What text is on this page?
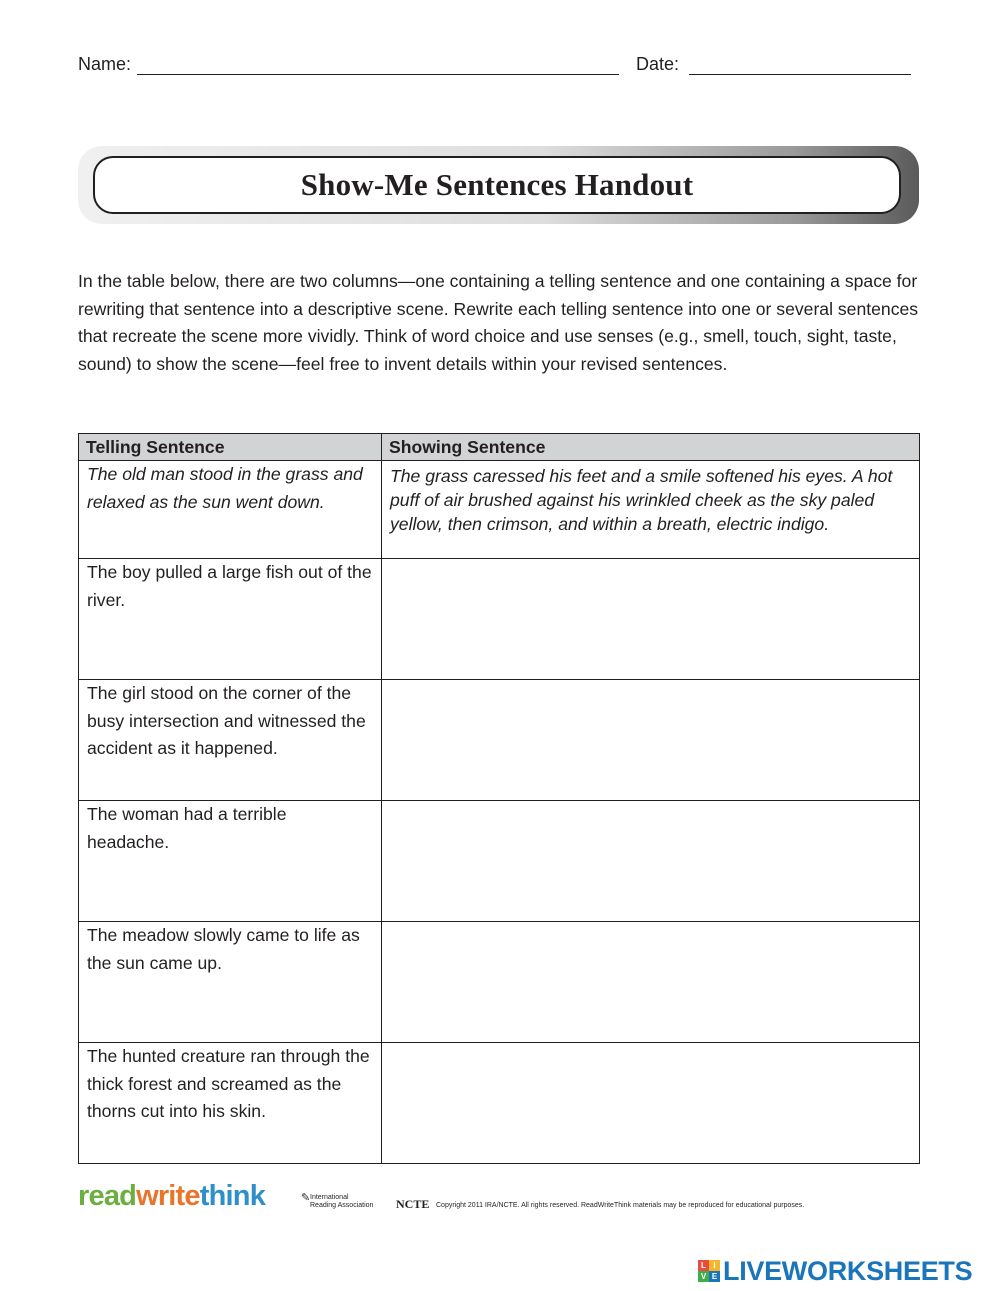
Name:	Date:
Show-Me Sentences Handout
In the table below, there are two columns—one containing a telling sentence and one containing a space for rewriting that sentence into a descriptive scene. Rewrite each telling sentence into one or several sentences that recreate the scene more vividly. Think of word choice and use senses (e.g., smell, touch, sight, taste, sound) to show the scene—feel free to invent details within your revised sentences.
Telling Sentence	Showing Sentence
The old man stood in the grass and relaxed as the sun went down.	The grass caressed his feet and a smile softened his eyes. A hot puff of air brushed against his wrinkled cheek as the sky paled yellow, then crimson, and within a breath, electric indigo.
The boy pulled a large fish out of the river.	
The girl stood on the corner of the busy intersection and witnessed the accident as it happened.	
The woman had a terrible headache.	
The meadow slowly came to life as the sun came up.	
The hunted creature ran through the thick forest and screamed as the thorns cut into his skin.	
readwritethink	✎ International
Reading Association NCTE Copyright 2011 IRA/NCTE. All rights reserved. ReadWriteThink materials may be reproduced for educational purposes.
L I
V E LIVEWORKSHEETS
